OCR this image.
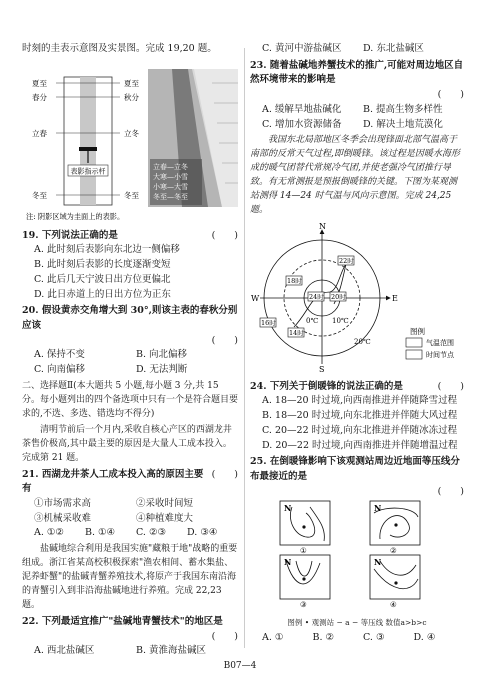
时刻的圭表示意图及实景图。完成 19,20 题。

表影指示杆
夏至
春分
立春
冬至
夏至
秋分
立冬
冬至
注: 阴影区域为圭面上的表影。
立春—立冬 大寒—小雪 小寒—大雪 冬至—冬至
19. 下列说法正确的是	(　　)

A. 此时刻后表影向东北边一侧偏移

B. 此时刻后表影的长度逐渐变短

C. 此后几天宁波日出方位更偏北

D. 此日赤道上的日出方位为正东

20. 假设黄赤交角增大到 30°,则该主表的春秋分别应该

(　　)
A. 保持不变	B. 向北偏移
C. 向南偏移	D. 无法判断

二、选择题Ⅱ(本大题共 5 小题,每小题 3 分,共 15 分。每小题列出的四个备选项中只有一个是符合题目要求的,不选、多选、错选均不得分)

清明节前后一个月内,采收自核心产区的西湖龙井茶售价极高,其中最主要的原因是大量人工成本投入。完成第 21 题。

21. 西湖龙井茶人工成本投入高的原因主要有
(　　)
①市场需求高	②采收时间短
③机械采收难	④种植难度大
A. ①②	B. ①④	C. ②③	D. ③④

盐碱地综合利用是我国实施"藏粮于地"战略的重要组成。浙江省某高校积极探索"渔农相间、蓄水集盐、泥养虾蟹"的盐碱青蟹养殖技术,将原产于我国东南沿海的青蟹引入到非沿海盐碱地进行养殖。完成 22,23 题。

22. 下列最适宜推广"盐碱地青蟹技术"的地区是

(　　)
A. 西北盐碱区	B. 黄淮海盐碱区
C. 黄河中游盐碱区	D. 东北盐碱区

23. 随着盐碱地养蟹技术的推广,可能对周边地区自然环境带来的影响是

(　　)
A. 缓解旱地盐碱化	B. 提高生物多样性
C. 增加水资源储备	D. 解决土地荒漠化

我国东北局部地区冬季会出现锋面北部气温高于南部的反常天气过程,即倒暖锋。该过程是因暖水海形成的暖气团替代常规冷气团,并使老强冷气团推行导致。有无常测报是预报倒暖锋的关键。下图为某观测站测得 14—24 时气温与风向示意图。完成 24,25 题。

N
S
E
W
22时
18时
24时 20时
16时
14时
0℃ 10℃
20℃
图例
气温范围
时间节点
24. 下列关于倒暖锋的说法正确的是	(　　)

A. 18—20 时过境,向西南推进并伴随降雪过程

B. 18—20 时过境,向东北推进并伴随大风过程

C. 20—22 时过境,向东北推进并伴随冰冻过程

D. 20—22 时过境,向西南推进并伴随增温过程

25. 在倒暖锋影响下该观测站周边近地面等压线分布最接近的是

(　　)
N	N
N	N
①	②
③	④

图例 • 观测站 − a − 等压线 数值a>b>c

A. ①	B. ②	C. ③	D. ④
B07—4
